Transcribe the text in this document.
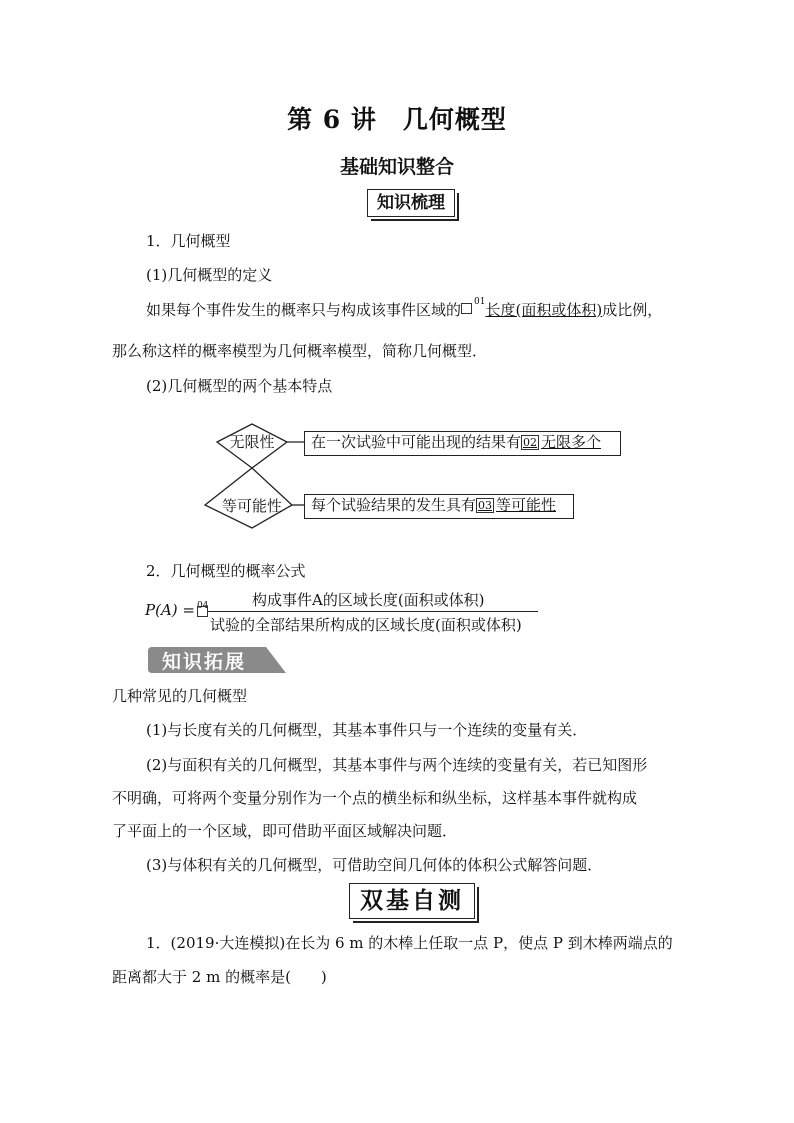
第 6 讲　几何概型
基础知识整合
知识梳理
1．几何概型
(1)几何概型的定义
如果每个事件发生的概率只与构成该事件区域的 $^{01}$长度(面积或体积)成比例，
那么称这样的概率模型为几何概率模型，简称几何概型．
(2)几何概型的两个基本特点
无限性
等可能性
在一次试验中可能出现的结果有 02 无限多个
每个试验结果的发生具有 03 等可能性
2．几何概型的概率公式
P(A) = $_{04}$	构成事件A的区域长度(面积或体积)
试验的全部结果所构成的区域长度(面积或体积)
知识拓展
几种常见的几何概型
(1)与长度有关的几何概型，其基本事件只与一个连续的变量有关．
(2)与面积有关的几何概型，其基本事件与两个连续的变量有关，若已知图形
不明确，可将两个变量分别作为一个点的横坐标和纵坐标，这样基本事件就构成
了平面上的一个区域，即可借助平面区域解决问题．
(3)与体积有关的几何概型，可借助空间几何体的体积公式解答问题．
双基自测
1．(2019·大连模拟)在长为 6 m 的木棒上任取一点 P，使点 P 到木棒两端点的
距离都大于 2 m 的概率是(　　)
